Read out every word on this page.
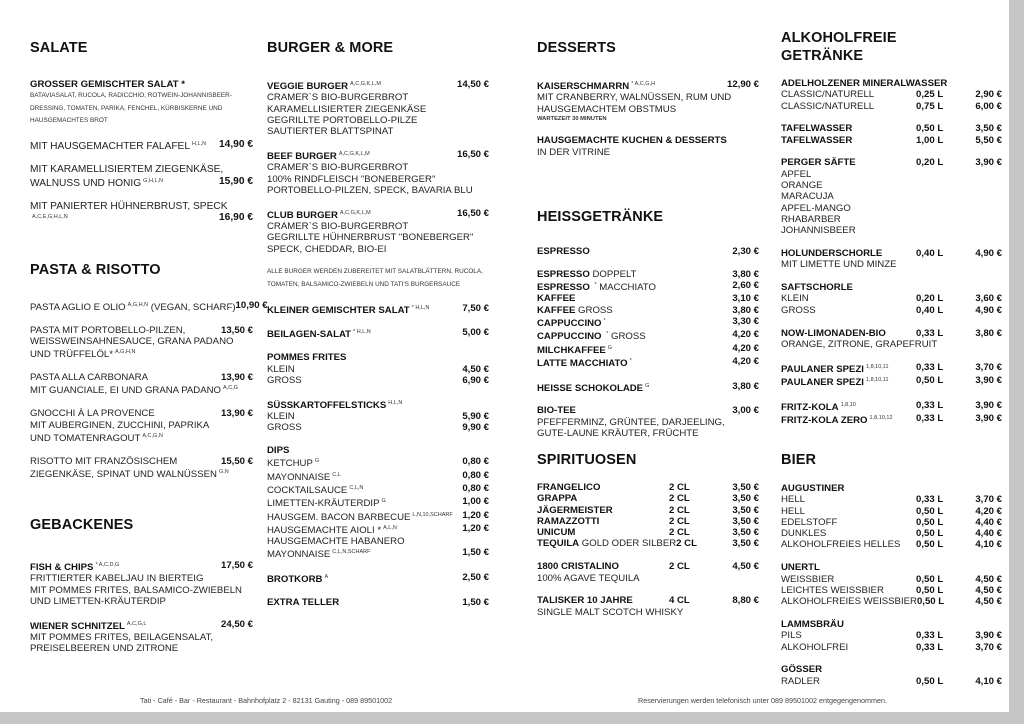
SALATE
GROSSER GEMISCHTER SALAT *
BATAVIASALAT, RUCOLA, RADICCHIO, ROTWEIN-JOHANNISBEER-
DRESSING, TOMATEN, PARIKA, FENCHEL, KÜRBISKERNE UND
HAUSGEMACHTES BROT
MIT HAUSGEMACHTER FALAFEL $^{H,L,N}$	14,90 €
MIT KARAMELLISIERTEM ZIEGENKÄSE,
WALNUSS UND HONIG $^{G,H,L,N}$	15,90 €
MIT PANIERTER HÜHNERBRUST, SPECK
$^{A,C,E,G,H,L,N}$	16,90 €
PASTA & RISOTTO
PASTA AGLIO E OLIO $^{A,G,H,N}$ (VEGAN, SCHARF) 10,90 €
PASTA MIT PORTOBELLO-PILZEN,	13,50 €
WEISSWEINSAHNESAUCE, GRANA PADANO
UND TRÜFFELÖL* $^{A,G,H,N}$
PASTA ALLA CARBONARA	13,90 €
MIT GUANCIALE, EI UND GRANA PADANO $^{A,C,G}$
GNOCCHI À LA PROVENCE	13,90 €
MIT AUBERGINEN, ZUCCHINI, PAPRIKA
UND TOMATENRAGOUT $^{A,C,G,N}$
RISOTTO MIT FRANZÖSISCHEM	15,50 €
ZIEGENKÄSE, SPINAT UND WALNÜSSEN $^{G,N}$
GEBACKENES
FISH & CHIPS $^{* A,C,D,G}$	17,50 €
FRITTIERTER KABELJAU IN BIERTEIG
MIT POMMES FRITES, BALSAMICO-ZWIEBELN
UND LIMETTEN-KRÄUTERDIP
WIENER SCHNITZEL $^{A,C,G,L}$	24,50 €
MIT POMMES FRITES, BEILAGENSALAT,
PREISELBEEREN UND ZITRONE
BURGER & MORE
VEGGIE BURGER $^{A,C,G,K,L,M}$	14,50 €
CRAMER`S BIO-BURGERBROT
KARAMELLISIERTER ZIEGENKÄSE
GEGRILLTE PORTOBELLO-PILZE
SAUTIERTER BLATTSPINAT
BEEF BURGER $^{A,C,G,K,L,M}$	16,50 €
CRAMER`S BIO-BURGERBROT
100% RINDFLEISCH "BONEBERGER"
PORTOBELLO-PILZEN, SPECK, BAVARIA BLU
CLUB BURGER $^{A,C,G,K,L,M}$	16,50 €
CRAMER`S BIO-BURGERBROT
GEGRILLTE HÜHNERBRUST "BONEBERGER"
SPECK, CHEDDAR, BIO-EI
ALLE BURGER WERDEN ZUBEREITET MIT SALATBLÄTTERN, RUCOLA,
TOMATEN, BALSAMICO-ZWIEBELN UND TATI'S BURGERSAUCE
KLEINER GEMISCHTER SALAT $^{* H,L,N}$	7,50 €
BEILAGEN-SALAT $^{* H,L,N}$	5,00 €
POMMES FRITES
KLEIN	4,50 €
GROSS	6,90 €
SÜSSKARTOFFELSTICKS $^{H,L,N}$
KLEIN	5,90 €
GROSS	9,90 €
DIPS
KETCHUP $^G$	0,80 €
MAYONNAISE $^{C,L}$	0,80 €
COCKTAILSAUCE $^{C,L,N}$	0,80 €
LIMETTEN-KRÄUTERDIP $^G$	1,00 €
HAUSGEM. BACON BARBECUE $^{L,N,10,SCHARF}$ 1,20 €
HAUSGEMACHTE AIOLI * $^{A,L,N}$	1,20 €
HAUSGEMACHTE HABANERO
MAYONNAISE $^{C,L,N,SCHARF}$	1,50 €
BROTKORB $^A$	2,50 €
EXTRA TELLER	1,50 €
DESSERTS
KAISERSCHMARRN $^{* A,C,G,H}$	12,90 €
MIT CRANBERRY, WALNÜSSEN, RUM UND
HAUSGEMACHTEM OBSTMUS
WARTEZEIT 30 MINUTEN
HAUSGEMACHTE KUCHEN & DESSERTS
IN DER VITRINE
HEISSGETRÄNKE
ESPRESSO	2,30 €
ESPRESSO DOPPELT	3,80 €
ESPRESSO * MACCHIATO	2,60 €
KAFFEE	3,10 €
KAFFEE GROSS	3,80 €
CAPPUCCINO *	3,30 €
CAPPUCCINO * GROSS	4,20 €
MILCHKAFFEE $^G$	4,20 €
LATTE MACCHIATO *	4,20 €
HEISSE SCHOKOLADE $^G$	3,80 €
BIO-TEE	3,00 €
PFEFFERMINZ, GRÜNTEE, DARJEELING,
GUTE-LAUNE KRÄUTER, FRÜCHTE
SPIRITUOSEN
FRANGELICO	2 CL	3,50 €
GRAPPA	2 CL	3,50 €
JÄGERMEISTER	2 CL	3,50 €
RAMAZZOTTI	2 CL	3,50 €
UNICUM	2 CL	3,50 €
TEQUILA GOLD ODER SILBER 2 CL	3,50 €
1800 CRISTALINO	2 CL	4,50 €
100% AGAVE TEQUILA
TALISKER 10 JAHRE	4 CL	8,80 €
SINGLE MALT SCOTCH WHISKY
ALKOHOLFREIE
GETRÄNKE
ADELHOLZENER MINERALWASSER
CLASSIC/NATURELL	0,25 L	2,90 €
CLASSIC/NATURELL	0,75 L	6,00 €
TAFELWASSER	0,50 L	3,50 €
TAFELWASSER	1,00 L	5,50 €
PERGER SÄFTE	0,20 L	3,90 €
APFEL
ORANGE
MARACUJA
APFEL-MANGO
RHABARBER
JOHANNISBEER
HOLUNDERSCHORLE	0,40 L	4,90 €
MIT LIMETTE UND MINZE
SAFTSCHORLE
KLEIN	0,20 L	3,60 €
GROSS	0,40 L	4,90 €
NOW-LIMONADEN-BIO	0,33 L	3,80 €
ORANGE, ZITRONE, GRAPEFRUIT
PAULANER SPEZI $^{1,8,10,11}$	0,33 L	3,70 €
PAULANER SPEZI $^{1,8,10,11}$	0,50 L	3,90 €
FRITZ-KOLA $^{1,8,10}$	0,33 L	3,90 €
FRITZ-KOLA ZERO $^{1,8,10,12}$	0,33 L	3,90 €
BIER
AUGUSTINER
HELL	0,33 L	3,70 €
HELL	0,50 L	4,20 €
EDELSTOFF	0,50 L	4,40 €
DUNKLES	0,50 L	4,40 €
ALKOHOLFREIES HELLES	0,50 L	4,10 €
UNERTL
WEISSBIER	0,50 L	4,50 €
LEICHTES WEISSBIER	0,50 L	4,50 €
ALKOHOLFREIES WEISSBIER 0,50 L	4,50 €
LAMMSBRÄU
PILS	0,33 L	3,90 €
ALKOHOLFREI	0,33 L	3,70 €
GÖSSER
RADLER	0,50 L	4,10 €
Tati - Café - Bar - Restaurant - Bahnhofplatz 2 - 82131 Gauting - 089 89501002	Reservierungen werden telefonisch unter 089 89501002 entgegengenommen.
